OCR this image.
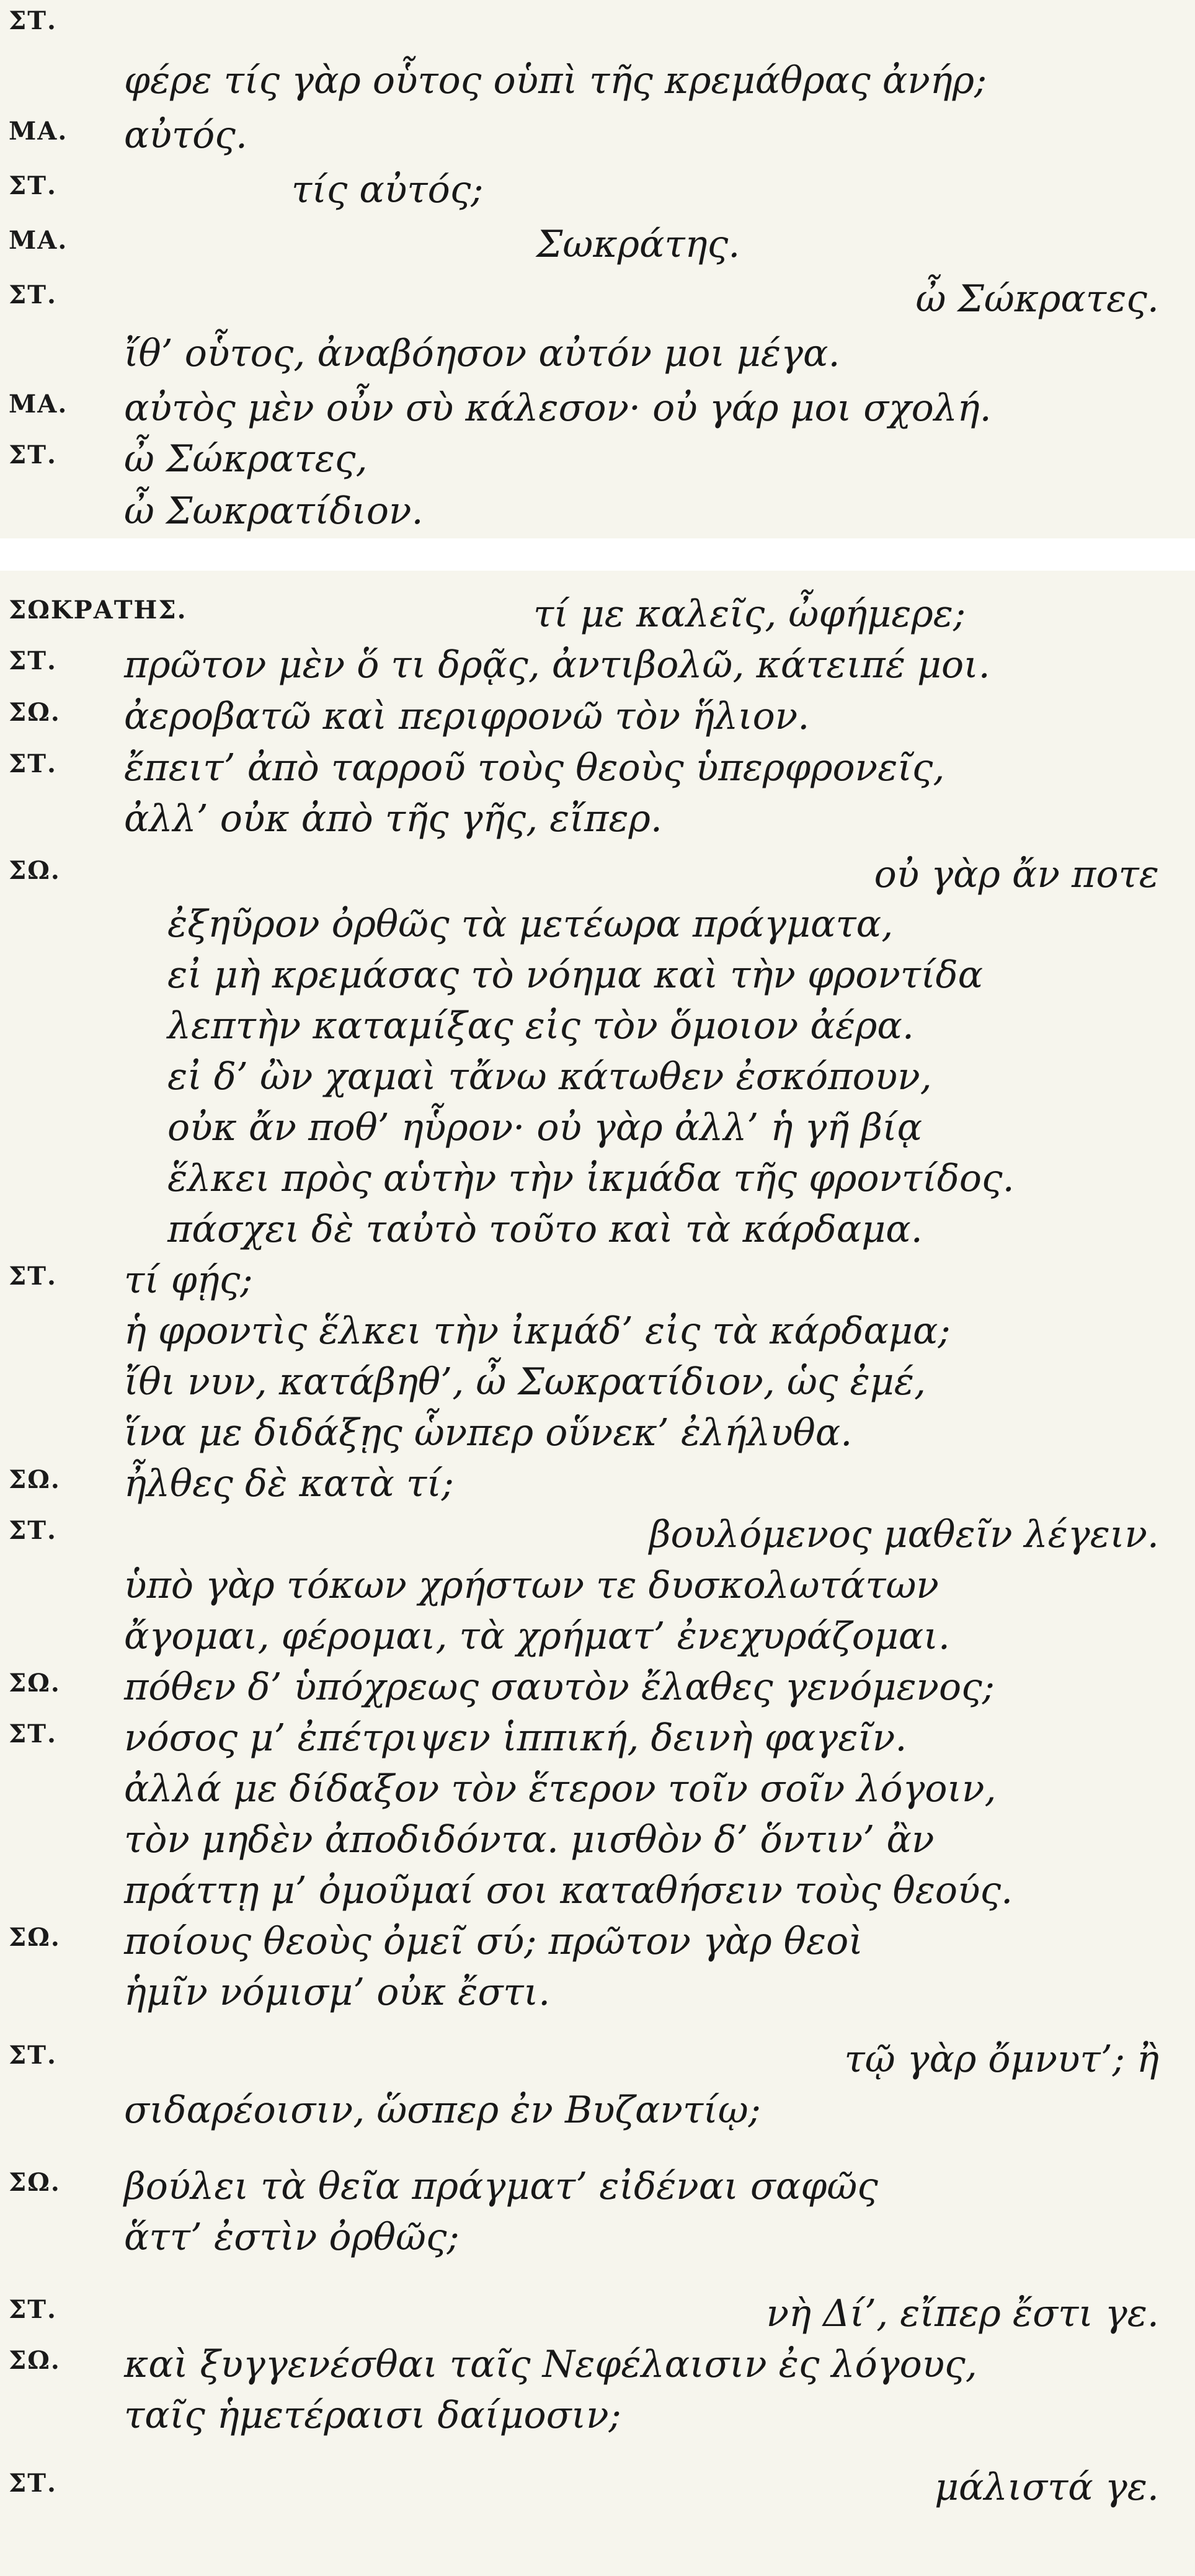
ΣΤ.
φέρε τίς γὰρ οὗτος οὑπὶ τῆς κρεμάθρας ἀνήρ;
ΜΑ. αὐτός.
ΣΤ.	τίς αὐτός;
ΜΑ.	Σωκράτης.
ΣΤ.	ὦ Σώκρατες.
ἴθ’ οὗτος, ἀναβόησον αὐτόν μοι μέγα.
ΜΑ. αὐτὸς μὲν οὖν σὺ κάλεσον· οὐ γάρ μοι σχολή.
ΣΤ. ὦ Σώκρατες,
ὦ Σωκρατίδιον.
ΣΩΚΡΑΤΗΣ.	τί με καλεῖς, ὦφήμερε;
ΣΤ. πρῶτον μὲν ὅ τι δρᾷς, ἀντιβολῶ, κάτειπέ μοι.
ΣΩ. ἀεροβατῶ καὶ περιφρονῶ τὸν ἥλιον.
ΣΤ. ἔπειτ’ ἀπὸ ταρροῦ τοὺς θεοὺς ὑπερφρονεῖς,
ἀλλ’ οὐκ ἀπὸ τῆς γῆς, εἴπερ.
ΣΩ.	οὐ γὰρ ἄν ποτε
ἐξηῦρον ὀρθῶς τὰ μετέωρα πράγματα,
εἰ μὴ κρεμάσας τὸ νόημα καὶ τὴν φροντίδα
λεπτὴν καταμίξας εἰς τὸν ὅμοιον ἀέρα.
εἰ δ’ ὢν χαμαὶ τἄνω κάτωθεν ἐσκόπουν,
οὐκ ἄν ποθ’ ηὗρον· οὐ γὰρ ἀλλ’ ἡ γῆ βίᾳ
ἕλκει πρὸς αὑτὴν τὴν ἰκμάδα τῆς φροντίδος.
πάσχει δὲ ταὐτὸ τοῦτο καὶ τὰ κάρδαμα.
ΣΤ. τί φῄς;
ἡ φροντὶς ἕλκει τὴν ἰκμάδ’ εἰς τὰ κάρδαμα;
ἴθι νυν, κατάβηθ’, ὦ Σωκρατίδιον, ὡς ἐμέ,
ἵνα με διδάξῃς ὧνπερ οὕνεκ’ ἐλήλυθα.
ΣΩ. ἦλθες δὲ κατὰ τί;
ΣΤ.	βουλόμενος μαθεῖν λέγειν.
ὑπὸ γὰρ τόκων χρήστων τε δυσκολωτάτων
ἄγομαι, φέρομαι, τὰ χρήματ’ ἐνεχυράζομαι.
ΣΩ. πόθεν δ’ ὑπόχρεως σαυτὸν ἔλαθες γενόμενος;
ΣΤ. νόσος μ’ ἐπέτριψεν ἱππική, δεινὴ φαγεῖν.
ἀλλά με δίδαξον τὸν ἕτερον τοῖν σοῖν λόγοιν,
τὸν μηδὲν ἀποδιδόντα. μισθὸν δ’ ὅντιν’ ἂν
πράττῃ μ’ ὀμοῦμαί σοι καταθήσειν τοὺς θεούς.
ΣΩ. ποίους θεοὺς ὀμεῖ σύ; πρῶτον γὰρ θεοὶ
ἡμῖν νόμισμ’ οὐκ ἔστι.
ΣΤ.	τῷ γὰρ ὄμνυτ’; ἢ
σιδαρέοισιν, ὥσπερ ἐν Βυζαντίῳ;
ΣΩ. βούλει τὰ θεῖα πράγματ’ εἰδέναι σαφῶς
ἅττ’ ἐστὶν ὀρθῶς;
ΣΤ.	νὴ Δί’, εἴπερ ἔστι γε.
ΣΩ. καὶ ξυγγενέσθαι ταῖς Νεφέλαισιν ἐς λόγους,
ταῖς ἡμετέραισι δαίμοσιν;
ΣΤ.	μάλιστά γε.
